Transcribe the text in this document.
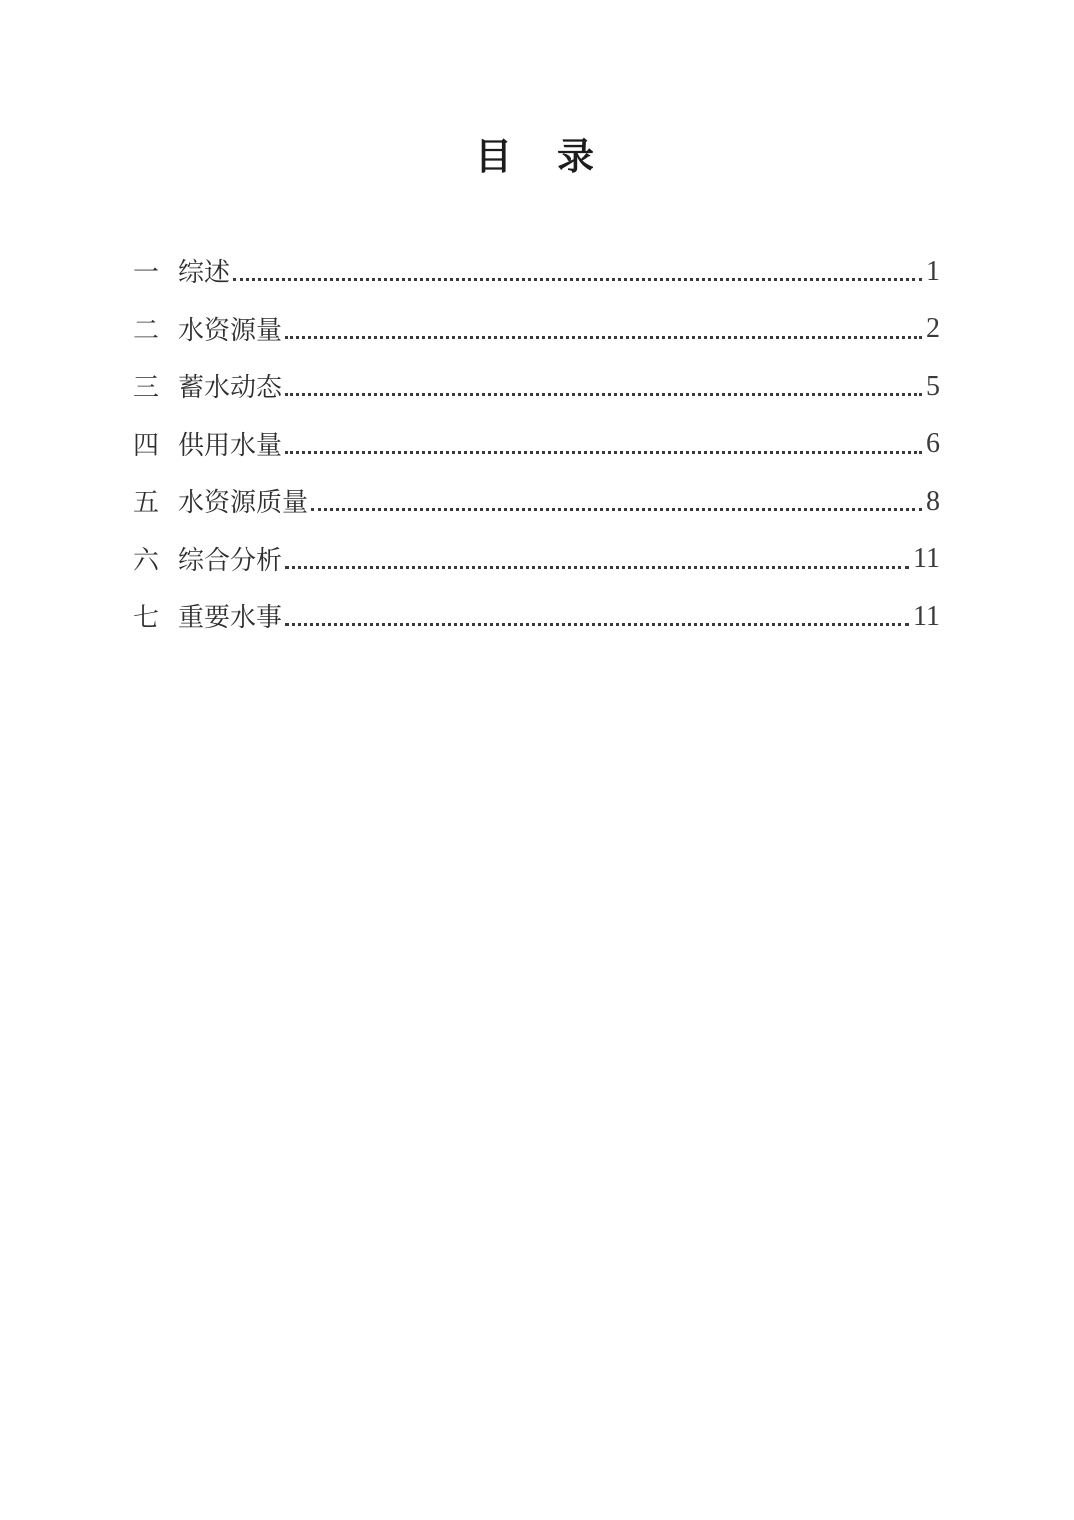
目　录
一 综述	1
二 水资源量	2
三 蓄水动态	5
四 供用水量	6
五 水资源质量	8
六 综合分析	11
七 重要水事	11
